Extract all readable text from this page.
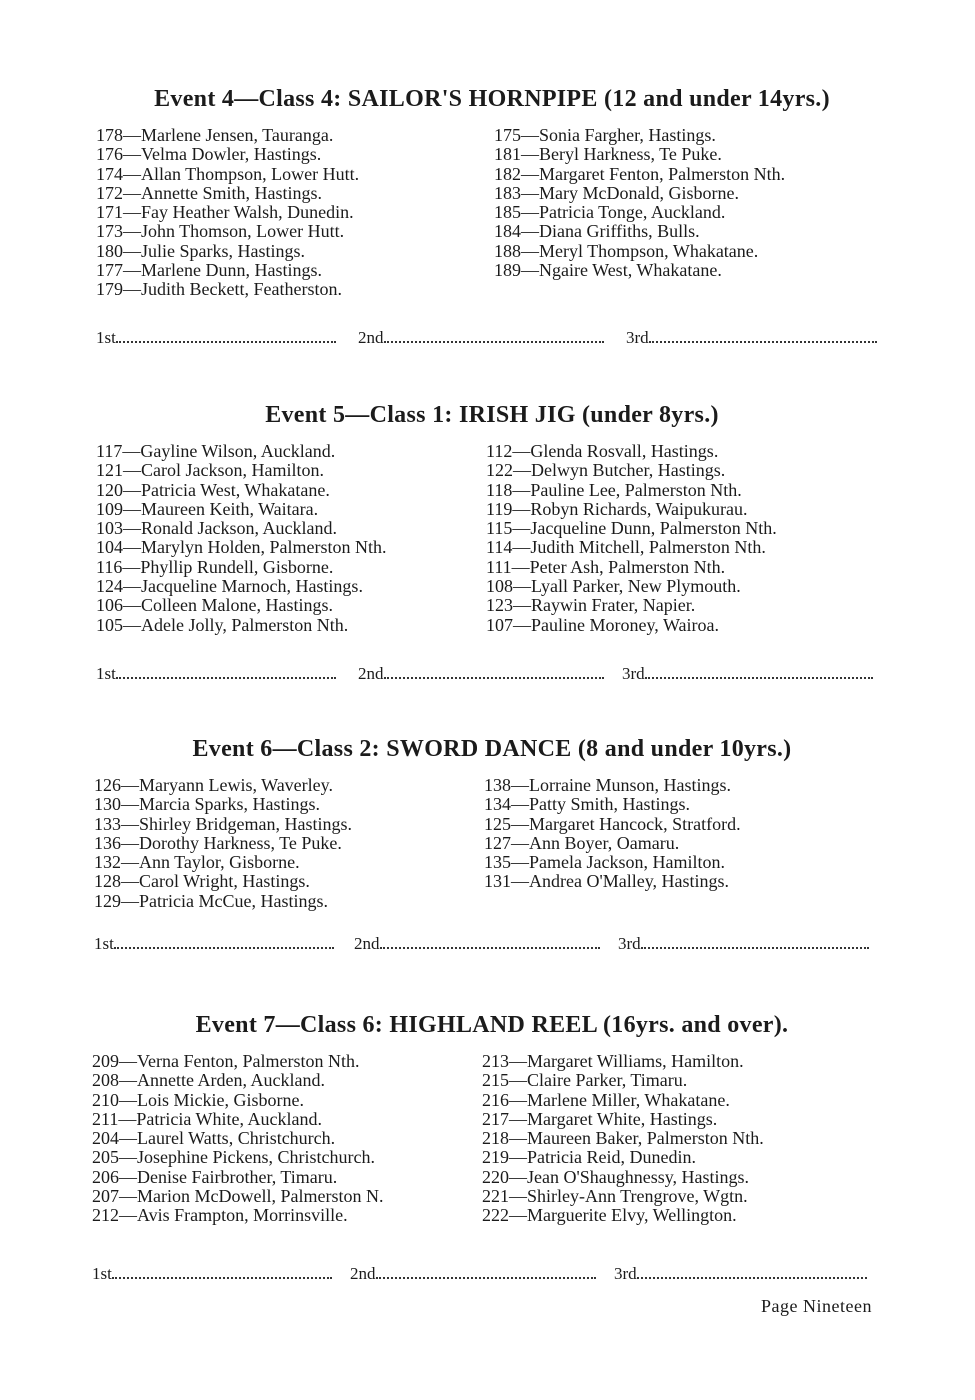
Event 4—Class 4: SAILOR'S HORNPIPE (12 and under 14yrs.)
178—Marlene Jensen, Tauranga.
176—Velma Dowler, Hastings.
174—Allan Thompson, Lower Hutt.
172—Annette Smith, Hastings.
171—Fay Heather Walsh, Dunedin.
173—John Thomson, Lower Hutt.
180—Julie Sparks, Hastings.
177—Marlene Dunn, Hastings.
179—Judith Beckett, Featherston.
175—Sonia Fargher, Hastings.
181—Beryl Harkness, Te Puke.
182—Margaret Fenton, Palmerston Nth.
183—Mary McDonald, Gisborne.
185—Patricia Tonge, Auckland.
184—Diana Griffiths, Bulls.
188—Meryl Thompson, Whakatane.
189—Ngaire West, Whakatane.
1st	2nd	3rd
Event 5—Class 1: IRISH JIG (under 8yrs.)
117—Gayline Wilson, Auckland.
121—Carol Jackson, Hamilton.
120—Patricia West, Whakatane.
109—Maureen Keith, Waitara.
103—Ronald Jackson, Auckland.
104—Marylyn Holden, Palmerston Nth.
116—Phyllip Rundell, Gisborne.
124—Jacqueline Marnoch, Hastings.
106—Colleen Malone, Hastings.
105—Adele Jolly, Palmerston Nth.
112—Glenda Rosvall, Hastings.
122—Delwyn Butcher, Hastings.
118—Pauline Lee, Palmerston Nth.
119—Robyn Richards, Waipukurau.
115—Jacqueline Dunn, Palmerston Nth.
114—Judith Mitchell, Palmerston Nth.
111—Peter Ash, Palmerston Nth.
108—Lyall Parker, New Plymouth.
123—Raywin Frater, Napier.
107—Pauline Moroney, Wairoa.
1st	2nd	3rd
Event 6—Class 2: SWORD DANCE (8 and under 10yrs.)
126—Maryann Lewis, Waverley.
130—Marcia Sparks, Hastings.
133—Shirley Bridgeman, Hastings.
136—Dorothy Harkness, Te Puke.
132—Ann Taylor, Gisborne.
128—Carol Wright, Hastings.
129—Patricia McCue, Hastings.
138—Lorraine Munson, Hastings.
134—Patty Smith, Hastings.
125—Margaret Hancock, Stratford.
127—Ann Boyer, Oamaru.
135—Pamela Jackson, Hamilton.
131—Andrea O'Malley, Hastings.
1st	2nd	3rd
Event 7—Class 6: HIGHLAND REEL (16yrs. and over).
209—Verna Fenton, Palmerston Nth.
208—Annette Arden, Auckland.
210—Lois Mickie, Gisborne.
211—Patricia White, Auckland.
204—Laurel Watts, Christchurch.
205—Josephine Pickens, Christchurch.
206—Denise Fairbrother, Timaru.
207—Marion McDowell, Palmerston N.
212—Avis Frampton, Morrinsville.
213—Margaret Williams, Hamilton.
215—Claire Parker, Timaru.
216—Marlene Miller, Whakatane.
217—Margaret White, Hastings.
218—Maureen Baker, Palmerston Nth.
219—Patricia Reid, Dunedin.
220—Jean O'Shaughnessy, Hastings.
221—Shirley-Ann Trengrove, Wgtn.
222—Marguerite Elvy, Wellington.
1st	2nd	3rd
Page Nineteen
